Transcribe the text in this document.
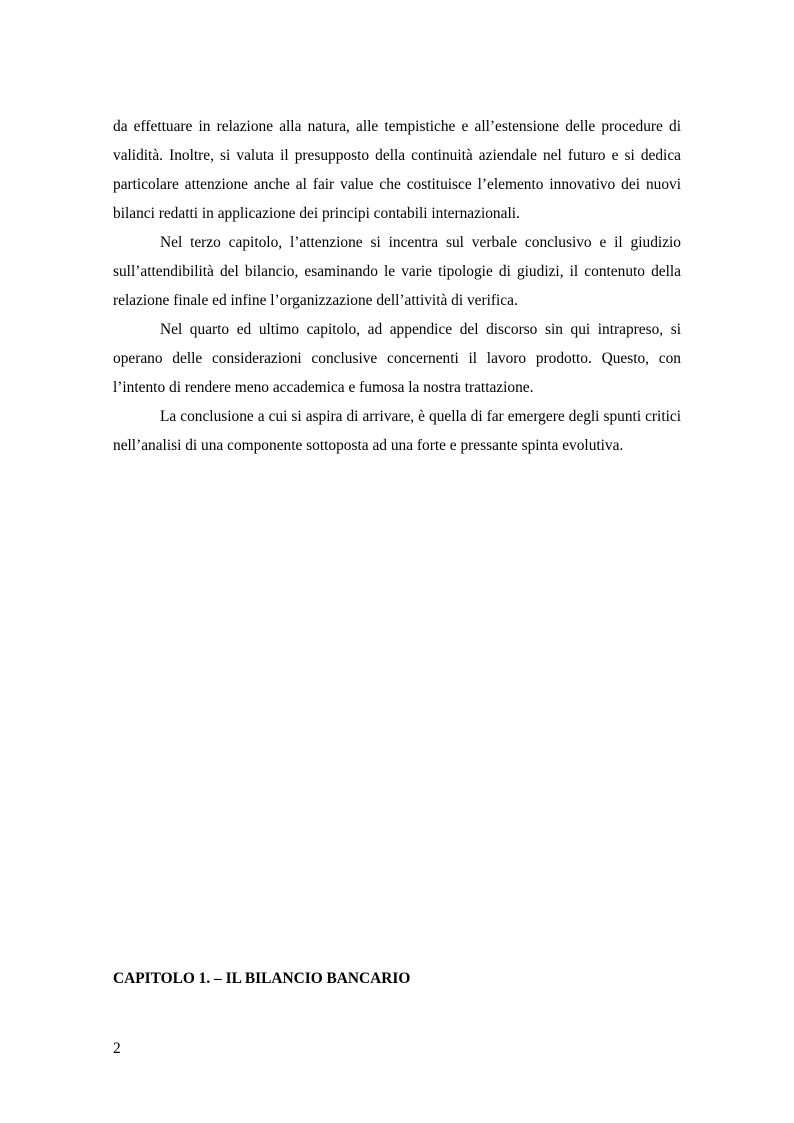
da effettuare in relazione alla natura, alle tempistiche e all’estensione delle procedure di validità. Inoltre, si valuta il presupposto della continuità aziendale nel futuro e si dedica particolare attenzione anche al fair value che costituisce l’elemento innovativo dei nuovi bilanci redatti in applicazione dei principi contabili internazionali.

Nel terzo capitolo, l’attenzione si incentra sul verbale conclusivo e il giudizio sull’attendibilità del bilancio, esaminando le varie tipologie di giudizi, il contenuto della relazione finale ed infine l’organizzazione dell’attività di verifica.

Nel quarto ed ultimo capitolo, ad appendice del discorso sin qui intrapreso, si operano delle considerazioni conclusive concernenti il lavoro prodotto. Questo, con l’intento di rendere meno accademica e fumosa la nostra trattazione.

La conclusione a cui si aspira di arrivare, è quella di far emergere degli spunti critici nell’analisi di una componente sottoposta ad una forte e pressante spinta evolutiva.

CAPITOLO 1. – IL BILANCIO BANCARIO
2
